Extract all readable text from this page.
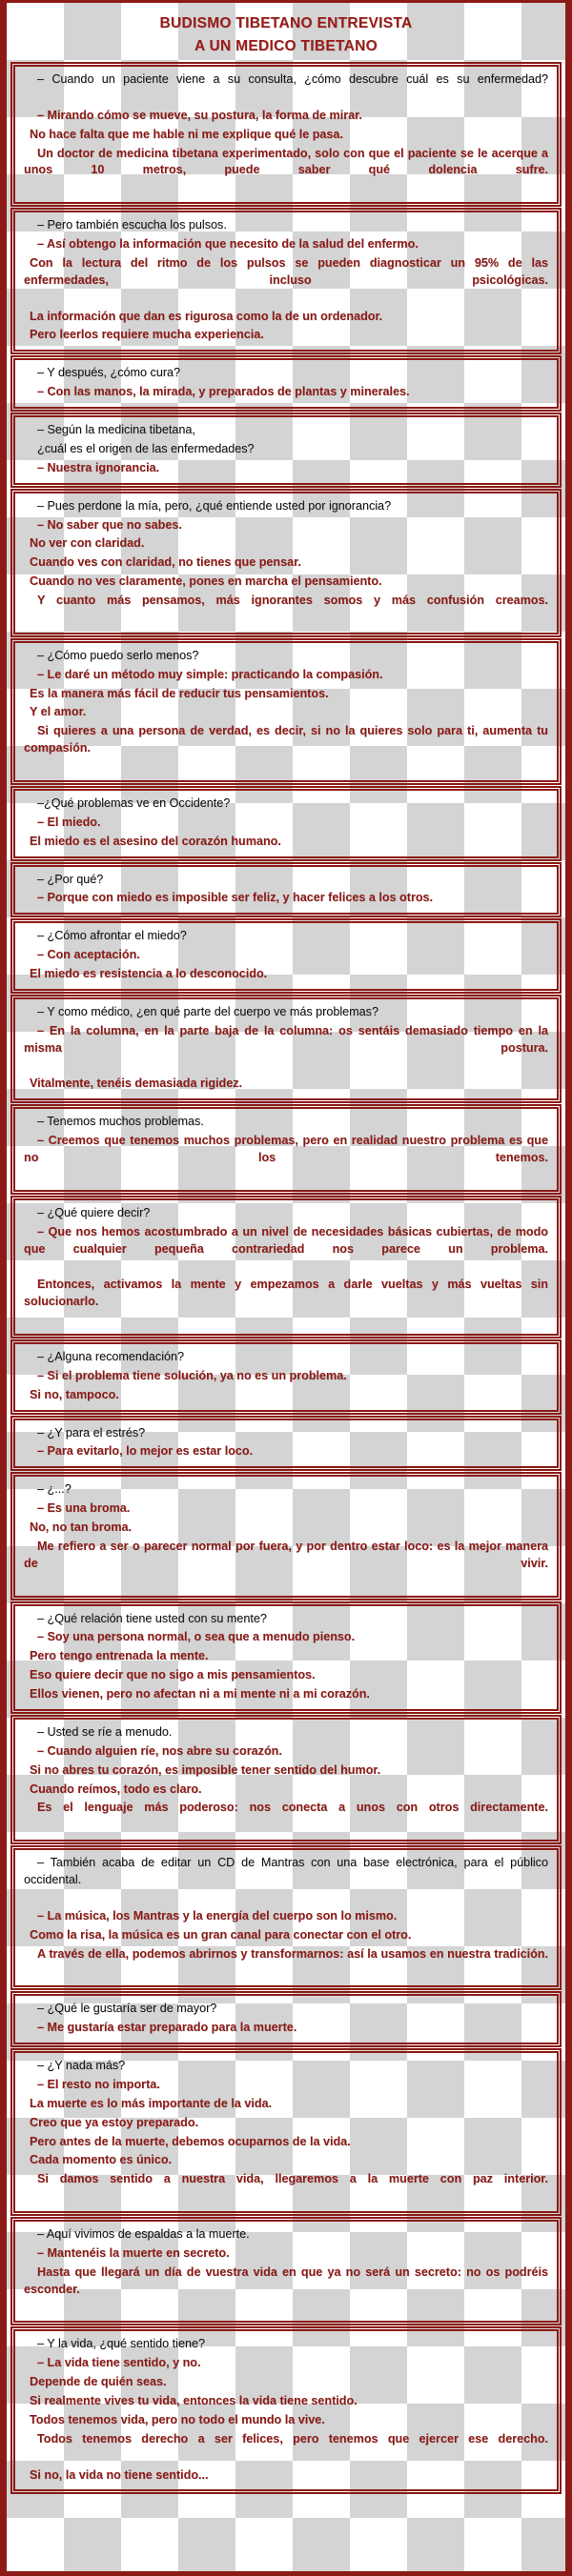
BUDISMO TIBETANO ENTREVISTA
A UN MEDICO TIBETANO

– Cuando un paciente viene a su consulta, ¿cómo descubre cuál es su enfermedad?

– Mirando cómo se mueve, su postura, la forma de mirar.

No hace falta que me hable ni me explique qué le pasa.

Un doctor de medicina tibetana experimentado, solo con que el paciente se le acerque a unos 10 metros, puede saber qué dolencia sufre.

– Pero también escucha los pulsos.

– Así obtengo la información que necesito de la salud del enfermo.

Con la lectura del ritmo de los pulsos se pueden diagnosticar un 95% de las enfermedades, incluso psicológicas.

La información que dan es rigurosa como la de un ordenador.

Pero leerlos requiere mucha experiencia.

– Y después, ¿cómo cura?

– Con las manos, la mirada, y preparados de plantas y minerales.

– Según la medicina tibetana,

¿cuál es el origen de las enfermedades?

– Nuestra ignorancia.

– Pues perdone la mía, pero, ¿qué entiende usted por ignorancia?

– No saber que no sabes.

No ver con claridad.

Cuando ves con claridad, no tienes que pensar.

Cuando no ves claramente, pones en marcha el pensamiento.

Y cuanto más pensamos, más ignorantes somos y más confusión creamos.

– ¿Cómo puedo serlo menos?

– Le daré un método muy simple: practicando la compasión.

Es la manera más fácil de reducir tus pensamientos.

Y el amor.

Si quieres a una persona de verdad, es decir, si no la quieres solo para ti, aumenta tu compasión.

–¿Qué problemas ve en Occidente?

– El miedo.

El miedo es el asesino del corazón humano.

– ¿Por qué?

– Porque con miedo es imposible ser feliz, y hacer felices a los otros.

– ¿Cómo afrontar el miedo?

– Con aceptación.

El miedo es resistencia a lo desconocido.

– Y como médico, ¿en qué parte del cuerpo ve más problemas?

– En la columna, en la parte baja de la columna: os sentáis demasiado tiempo en la misma postura.

Vitalmente, tenéis demasiada rigidez.

– Tenemos muchos problemas.

– Creemos que tenemos muchos problemas, pero en realidad nuestro problema es que no los tenemos.

– ¿Qué quiere decir?

– Que nos hemos acostumbrado a un nivel de necesidades básicas cubiertas, de modo que cualquier pequeña contrariedad nos parece un problema.

Entonces, activamos la mente y empezamos a darle vueltas y más vueltas sin solucionarlo.

– ¿Alguna recomendación?

– Si el problema tiene solución, ya no es un problema.

Si no, tampoco.

– ¿Y para el estrés?

– Para evitarlo, lo mejor es estar loco.

– ¿...?

– Es una broma.

No, no tan broma.

Me refiero a ser o parecer normal por fuera, y por dentro estar loco: es la mejor manera de vivir.

– ¿Qué relación tiene usted con su mente?

– Soy una persona normal, o sea que a menudo pienso.

Pero tengo entrenada la mente.

Eso quiere decir que no sigo a mis pensamientos.

Ellos vienen, pero no afectan ni a mi mente ni a mi corazón.

– Usted se ríe a menudo.

– Cuando alguien ríe, nos abre su corazón.

Si no abres tu corazón, es imposible tener sentido del humor.

Cuando reímos, todo es claro.

Es el lenguaje más poderoso: nos conecta a unos con otros directamente.

– También acaba de editar un CD de Mantras con una base electrónica, para el público occidental.

– La música, los Mantras y la energía del cuerpo son lo mismo.

Como la risa, la música es un gran canal para conectar con el otro.

A través de ella, podemos abrirnos y transformarnos: así la usamos en nuestra tradición.

– ¿Qué le gustaría ser de mayor?

– Me gustaría estar preparado para la muerte.

– ¿Y nada más?

– El resto no importa.

La muerte es lo más importante de la vida.

Creo que ya estoy preparado.

Pero antes de la muerte, debemos ocuparnos de la vida.

Cada momento es único.

Si damos sentido a nuestra vida, llegaremos a la muerte con paz interior.

– Aquí vivimos de espaldas a la muerte.

– Mantenéis la muerte en secreto.

Hasta que llegará un día de vuestra vida en que ya no será un secreto: no os podréis esconder.

– Y la vida, ¿qué sentido tiene?

– La vida tiene sentido, y no.

Depende de quién seas.

Si realmente vives tu vida, entonces la vida tiene sentido.

Todos tenemos vida, pero no todo el mundo la vive.

Todos tenemos derecho a ser felices, pero tenemos que ejercer ese derecho.

Si no, la vida no tiene sentido...
